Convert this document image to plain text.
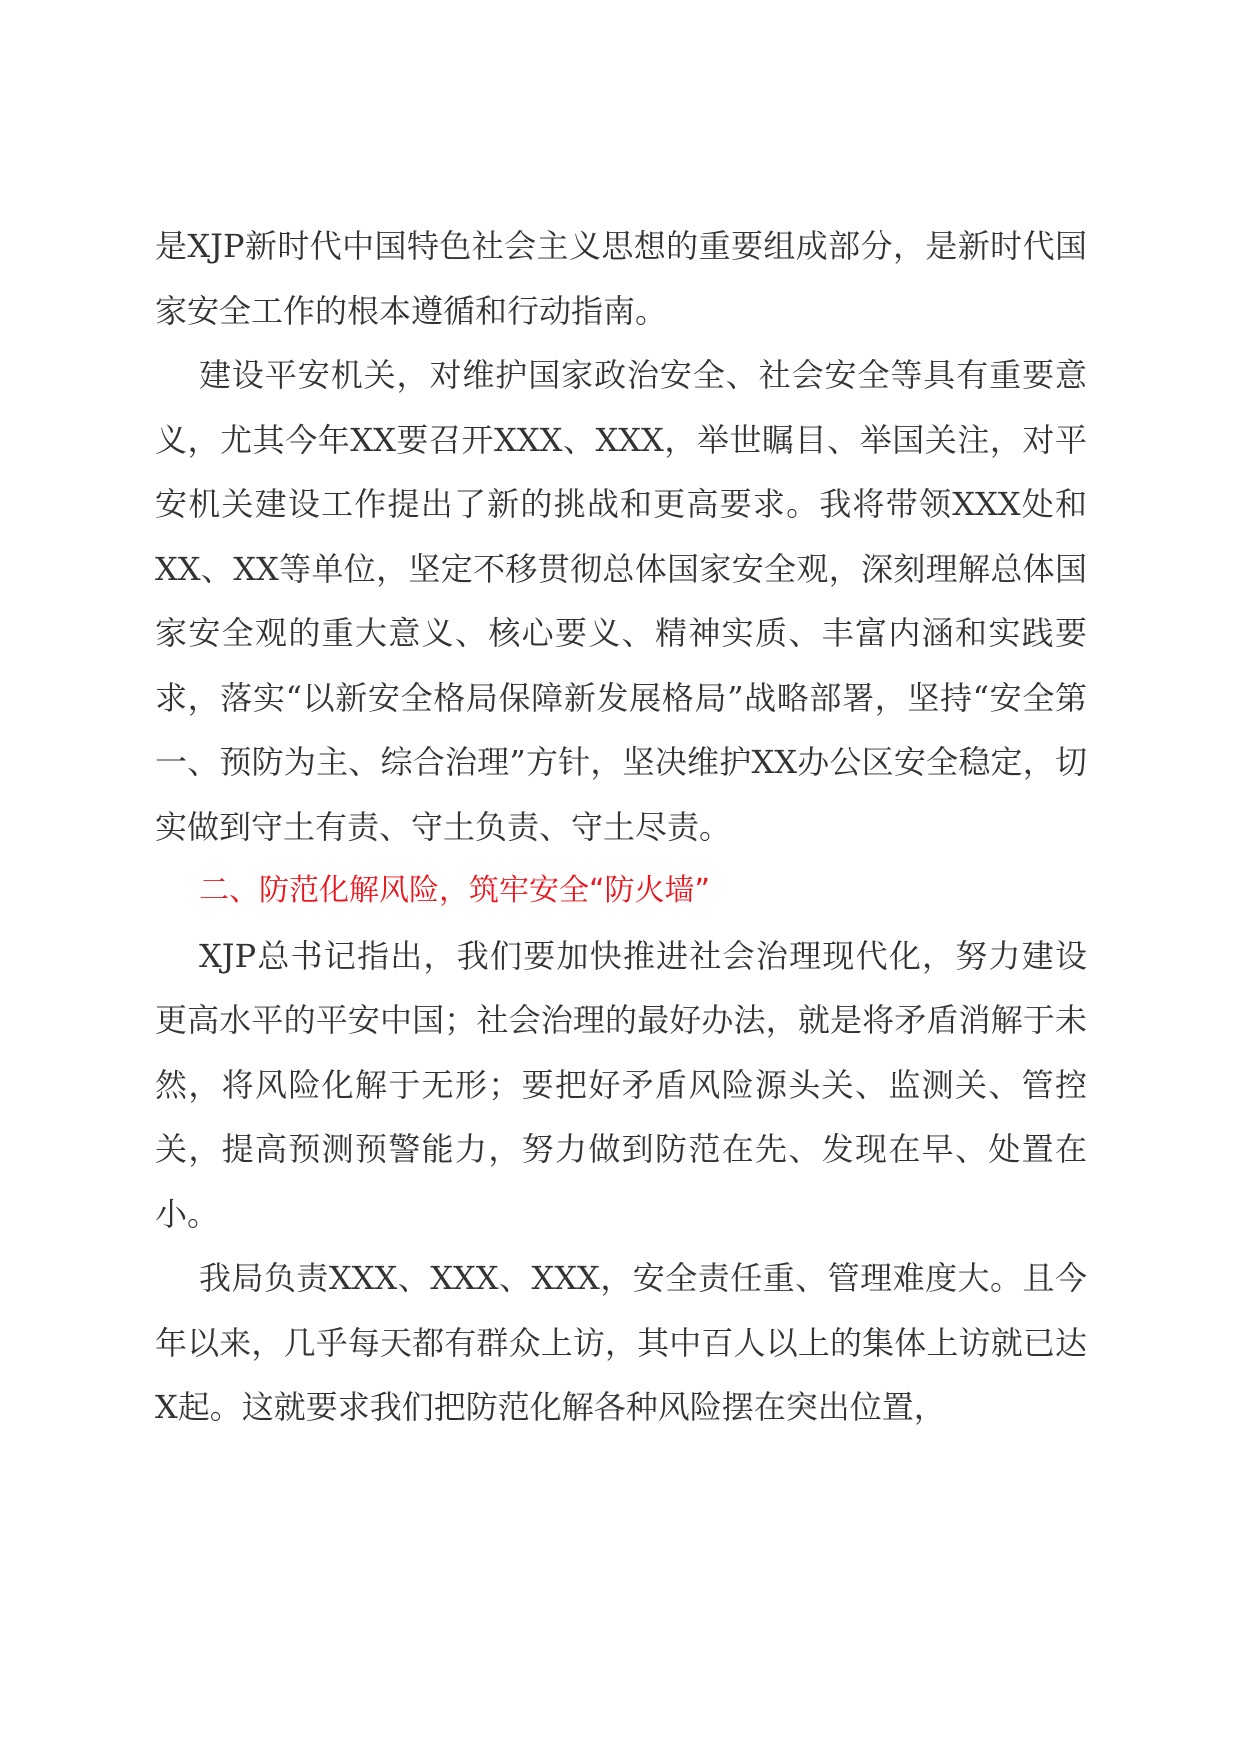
是XJP新时代中国特色社会主义思想的重要组成部分，是新时代国家安全工作的根本遵循和行动指南。

建设平安机关，对维护国家政治安全、社会安全等具有重要意义，尤其今年XX要召开XXX、XXX，举世瞩目、举国关注，对平安机关建设工作提出了新的挑战和更高要求。我将带领XXX处和XX、XX等单位，坚定不移贯彻总体国家安全观，深刻理解总体国家安全观的重大意义、核心要义、精神实质、丰富内涵和实践要求，落实“以新安全格局保障新发展格局”战略部署，坚持“安全第一、预防为主、综合治理”方针，坚决维护XX办公区安全稳定，切实做到守土有责、守土负责、守土尽责。

二、防范化解风险，筑牢安全“防火墙”

XJP总书记指出，我们要加快推进社会治理现代化，努力建设更高水平的平安中国；社会治理的最好办法，就是将矛盾消解于未然，将风险化解于无形；要把好矛盾风险源头关、监测关、管控关，提高预测预警能力，努力做到防范在先、发现在早、处置在小。

我局负责XXX、XXX、XXX，安全责任重、管理难度大。且今年以来，几乎每天都有群众上访，其中百人以上的集体上访就已达X起。这就要求我们把防范化解各种风险摆在突出位置，
